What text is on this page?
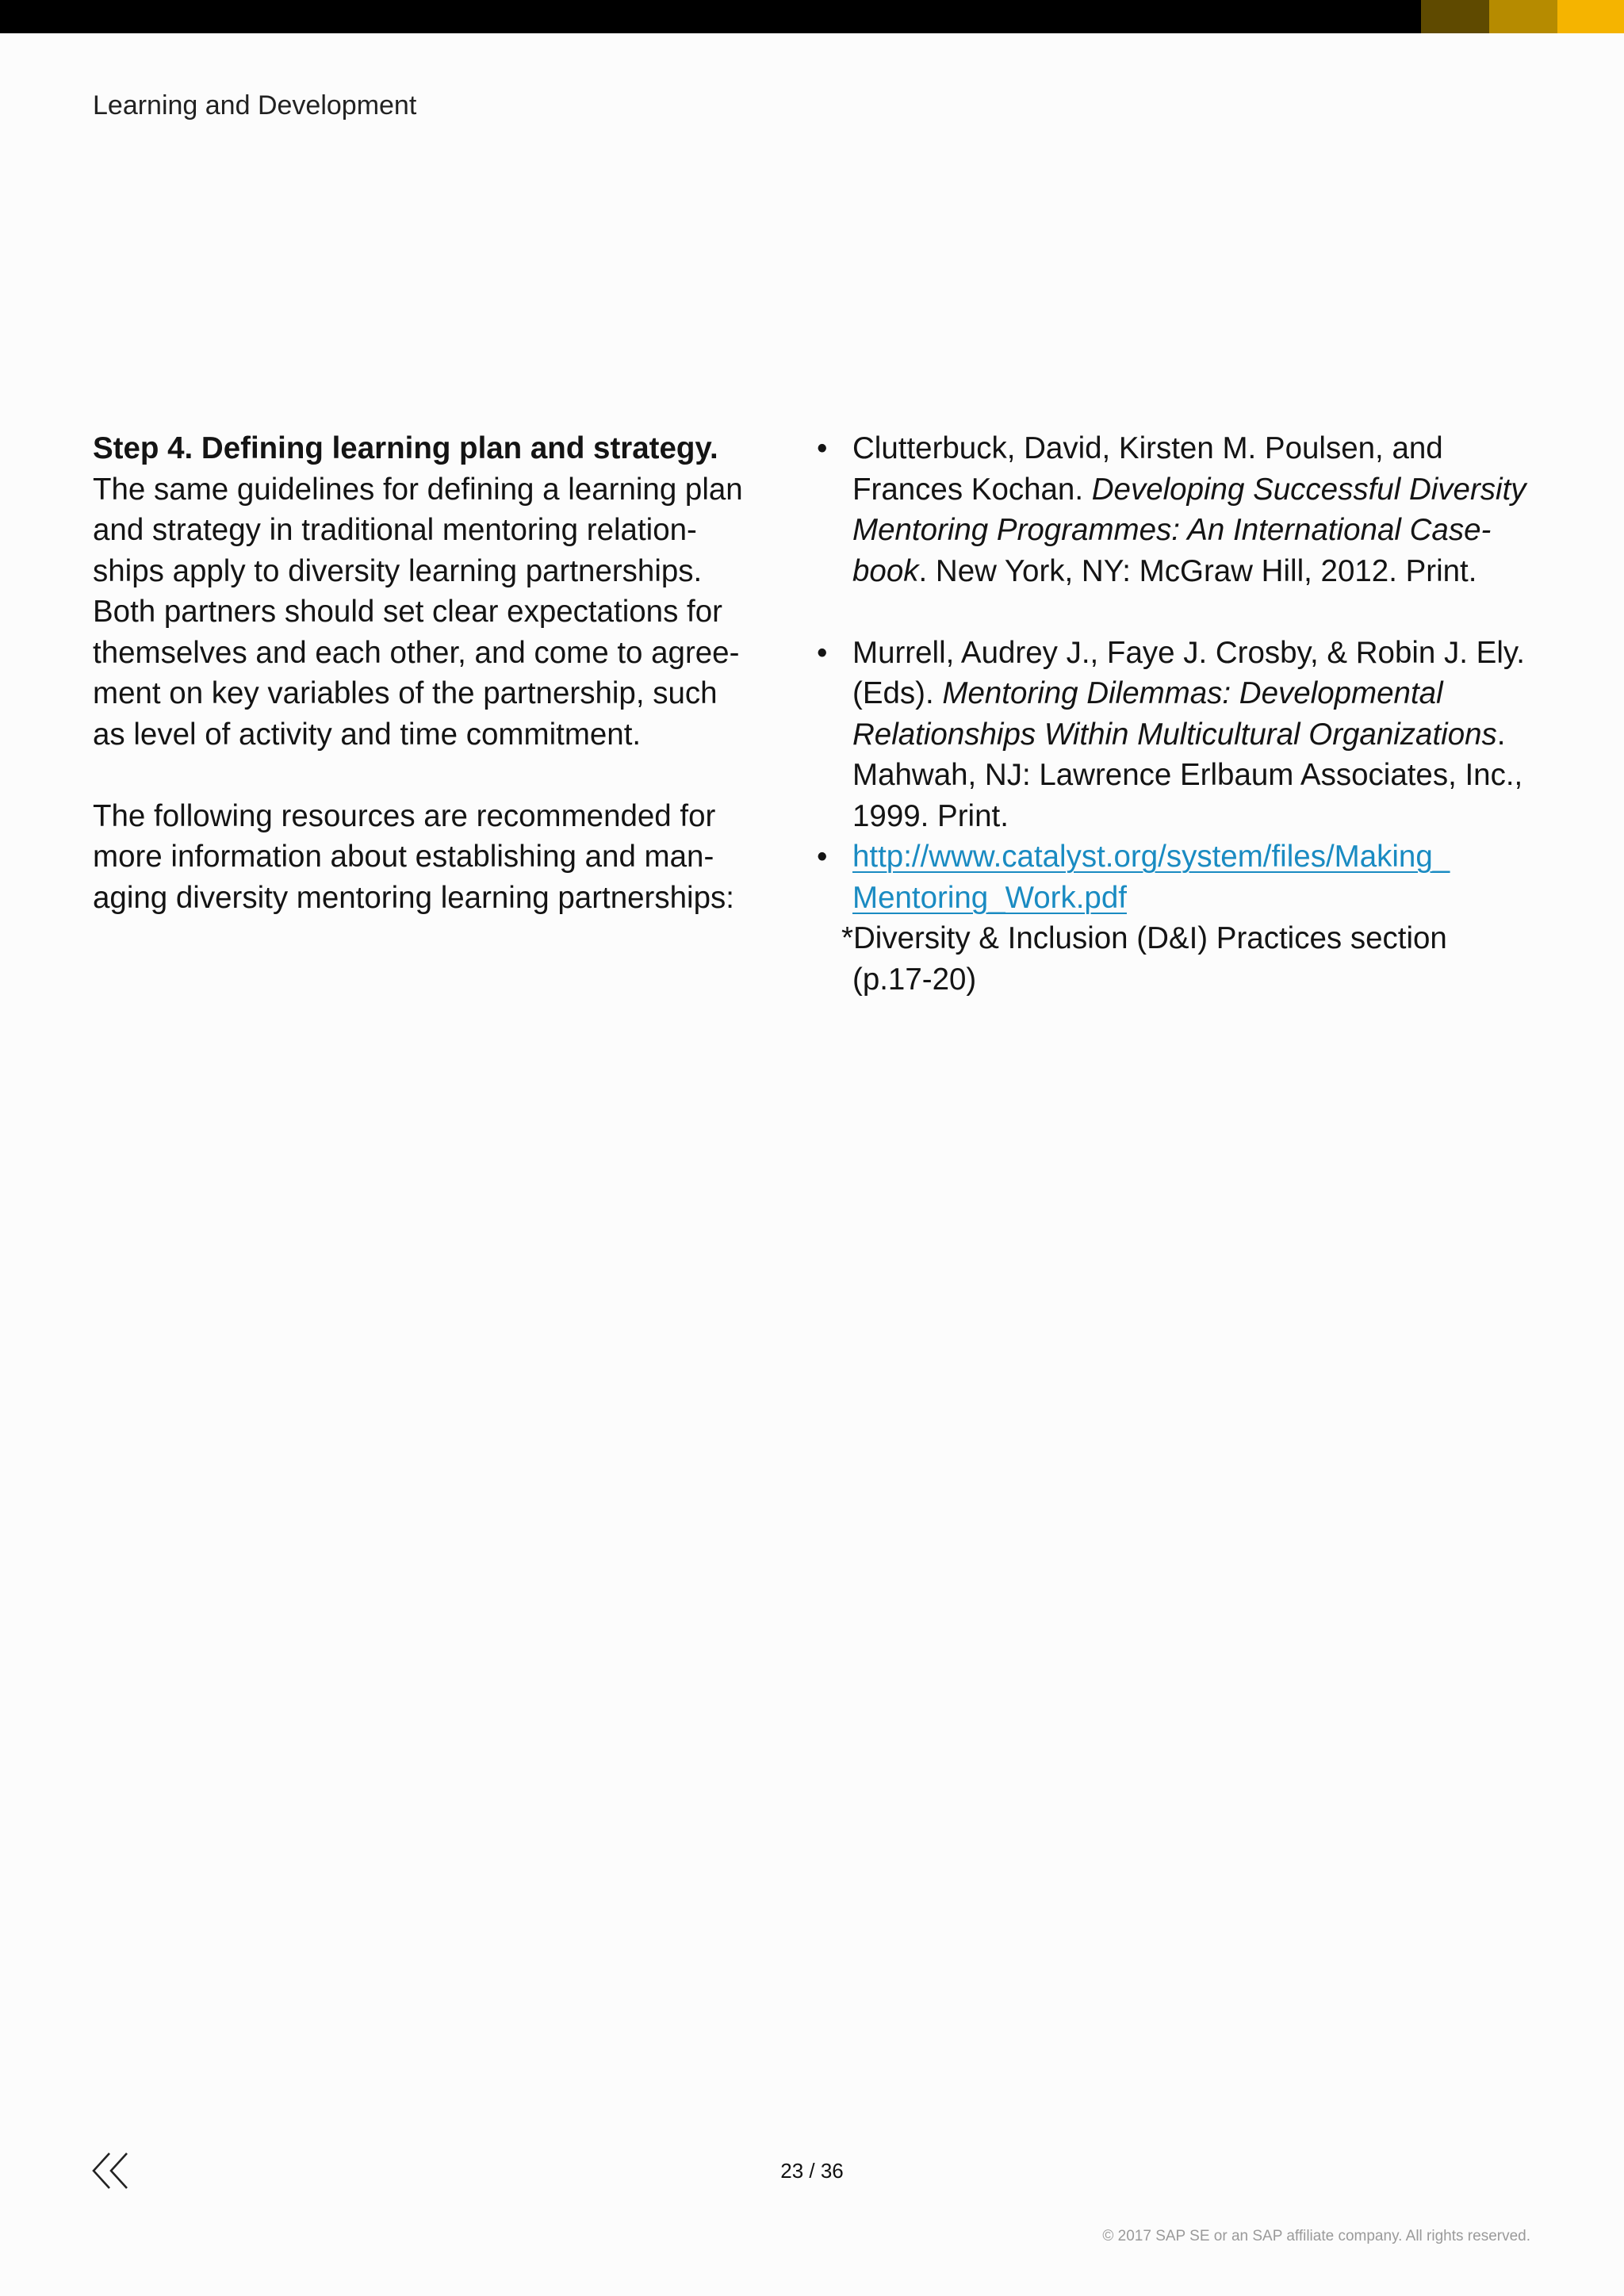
Learning and Development

Step 4. Defining learning plan and strategy.
The same guidelines for defining a learning plan
and strategy in traditional mentoring relation-
ships apply to diversity learning partnerships.
Both partners should set clear expectations for
themselves and each other, and come to agree-
ment on key variables of the partnership, such
as level of activity and time commitment.

The following resources are recommended for
more information about establishing and man-
aging diversity mentoring learning partnerships:

• Clutterbuck, David, Kirsten M. Poulsen, and
Frances Kochan. Developing Successful Diversity
Mentoring Programmes: An International Case-
book. New York, NY: McGraw Hill, 2012. Print.
• Murrell, Audrey J., Faye J. Crosby, & Robin J. Ely.
(Eds). Mentoring Dilemmas: Developmental
Relationships Within Multicultural Organizations.
Mahwah, NJ: Lawrence Erlbaum Associates, Inc.,
1999. Print.
• http://www.catalyst.org/system/files/Making_
Mentoring_Work.pdf
*Diversity & Inclusion (D&I) Practices section
(p.17-20)
23 / 36
© 2017 SAP SE or an SAP affiliate company. All rights reserved.
